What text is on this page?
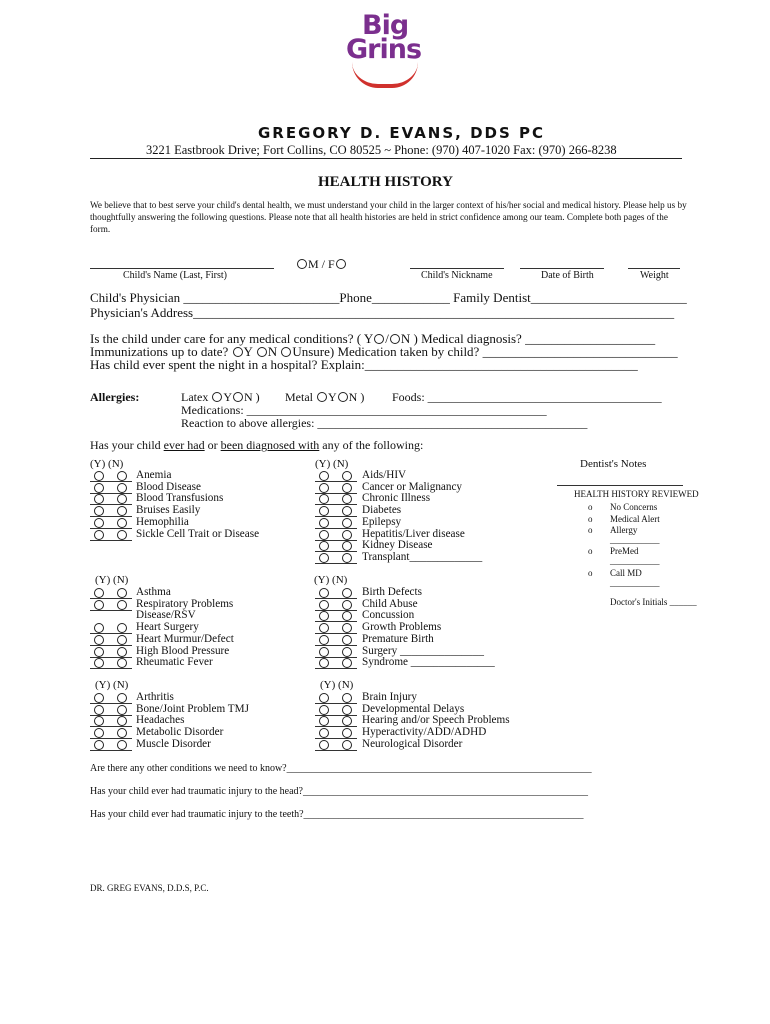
Big
Grins
GREGORY D. EVANS, DDS PC
3221 Eastbrook Drive; Fort Collins, CO 80525 ~ Phone: (970) 407-1020 Fax: (970) 266-8238
HEALTH HISTORY
We believe that to best serve your child's dental health, we must understand your child in the larger context of his/her social and medical history. Please help us by thoughtfully answering the following questions. Please note that all health histories are held in strict confidence among our team. Complete both pages of the form.
Child's Name (Last, First)
M / F
Child's Nickname	Date of Birth	Weight
Child's Physician ________________________Phone____________ Family Dentist________________________
Physician's Address__________________________________________________________________________
Is the child under care for any medical conditions? ( Y / N ) Medical diagnosis? ____________________
Immunizations up to date? Y N Unsure) Medication taken by child? ______________________________
Has child ever spent the night in a hospital? Explain:__________________________________________
Allergies:	Latex Y N ) Metal Y N ) Foods: _______________________________________
Medications: __________________________________________________
Reaction to above allergies: _____________________________________________
Has your child ever had or been diagnosed with any of the following:
(Y) (N)	(Y) (N)
(Y) (N)	(Y) (N)
(Y) (N)	(Y) (N)
Anemia
Blood Disease
Blood Transfusions
Bruises Easily
Hemophilia
Sickle Cell Trait or Disease
Aids/HIV
Cancer or Malignancy
Chronic Illness
Diabetes
Epilepsy
Hepatitis/Liver disease
Kidney Disease
Transplant_____________
Asthma
Respiratory Problems
Disease/RSV
Heart Surgery
Heart Murmur/Defect
High Blood Pressure
Rheumatic Fever
Birth Defects
Child Abuse
Concussion
Growth Problems
Premature Birth
Surgery _______________
Syndrome _______________
Arthritis
Bone/Joint Problem TMJ
Headaches
Metabolic Disorder
Muscle Disorder
Brain Injury
Developmental Delays
Hearing and/or Speech Problems
Hyperactivity/ADD/ADHD
Neurological Disorder
Dentist's Notes
HEALTH HISTORY REVIEWED
o No Concerns
o Medical Alert
o Allergy
___________
o PreMed
___________
o Call MD
___________
Doctor's Initials ______
Are there any other conditions we need to know?_____________________________________________________________
Has your child ever had traumatic injury to the head?_________________________________________________________
Has your child ever had traumatic injury to the teeth?________________________________________________________
DR. GREG EVANS, D.D.S, P.C.
